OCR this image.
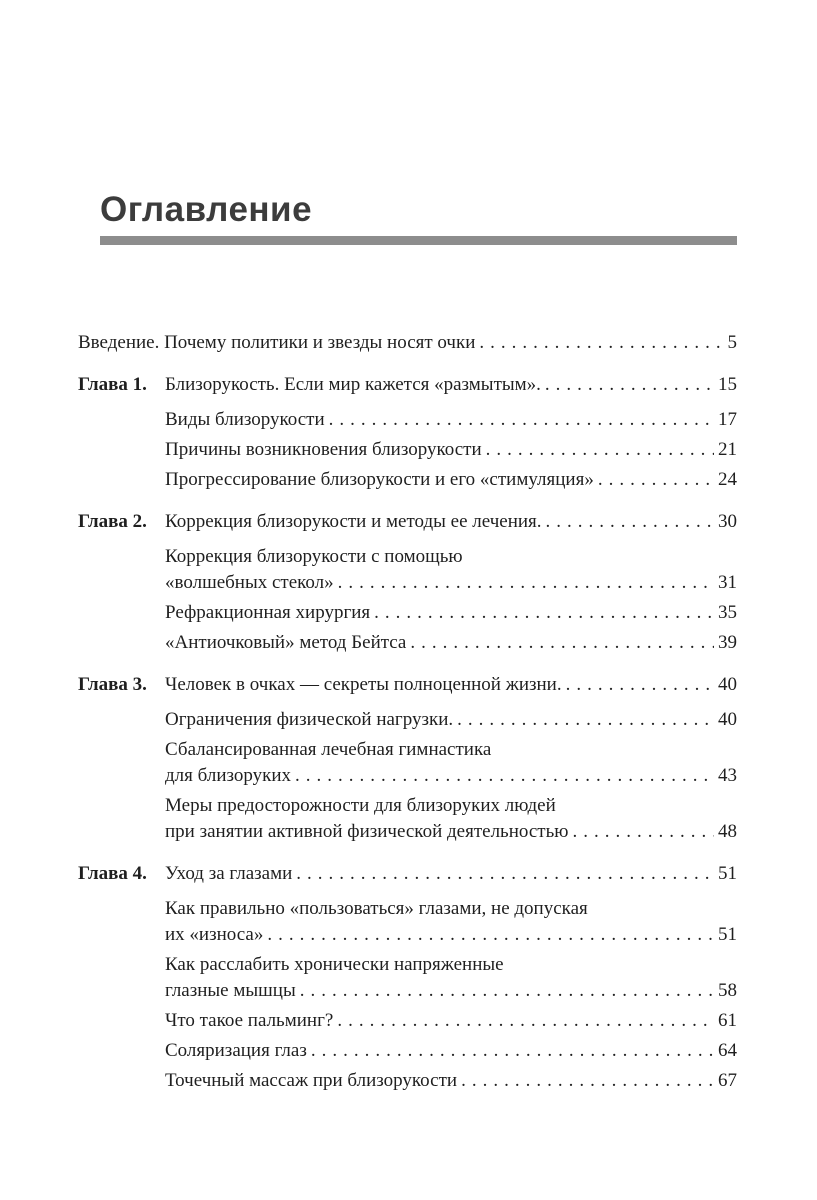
Оглавление
Введение. Почему политики и звезды носят очки .....	5
Глава 1. Близорукость. Если мир кажется «размытым». .....	15
Виды близорукости .....	17
Причины возникновения близорукости .....	21
Прогрессирование близорукости и его «стимуляция» .....	24
Глава 2. Коррекция близорукости и методы ее лечения. .....	30
Коррекция близорукости с помощью
«волшебных стекол» .....	31
Рефракционная хирургия .....	35
«Антиочковый» метод Бейтса .....	39
Глава 3. Человек в очках — секреты полноценной жизни. .....	40
Ограничения физической нагрузки. .....	40
Сбалансированная лечебная гимнастика
для близоруких .....	43
Меры предосторожности для близоруких людей
при занятии активной физической деятельностью .....	48
Глава 4. Уход за глазами .....	51
Как правильно «пользоваться» глазами, не допуская
их «износа» .....	51
Как расслабить хронически напряженные
глазные мышцы .....	58
Что такое пальминг? .....	61
Соляризация глаз .....	64
Точечный массаж при близорукости .....	67
